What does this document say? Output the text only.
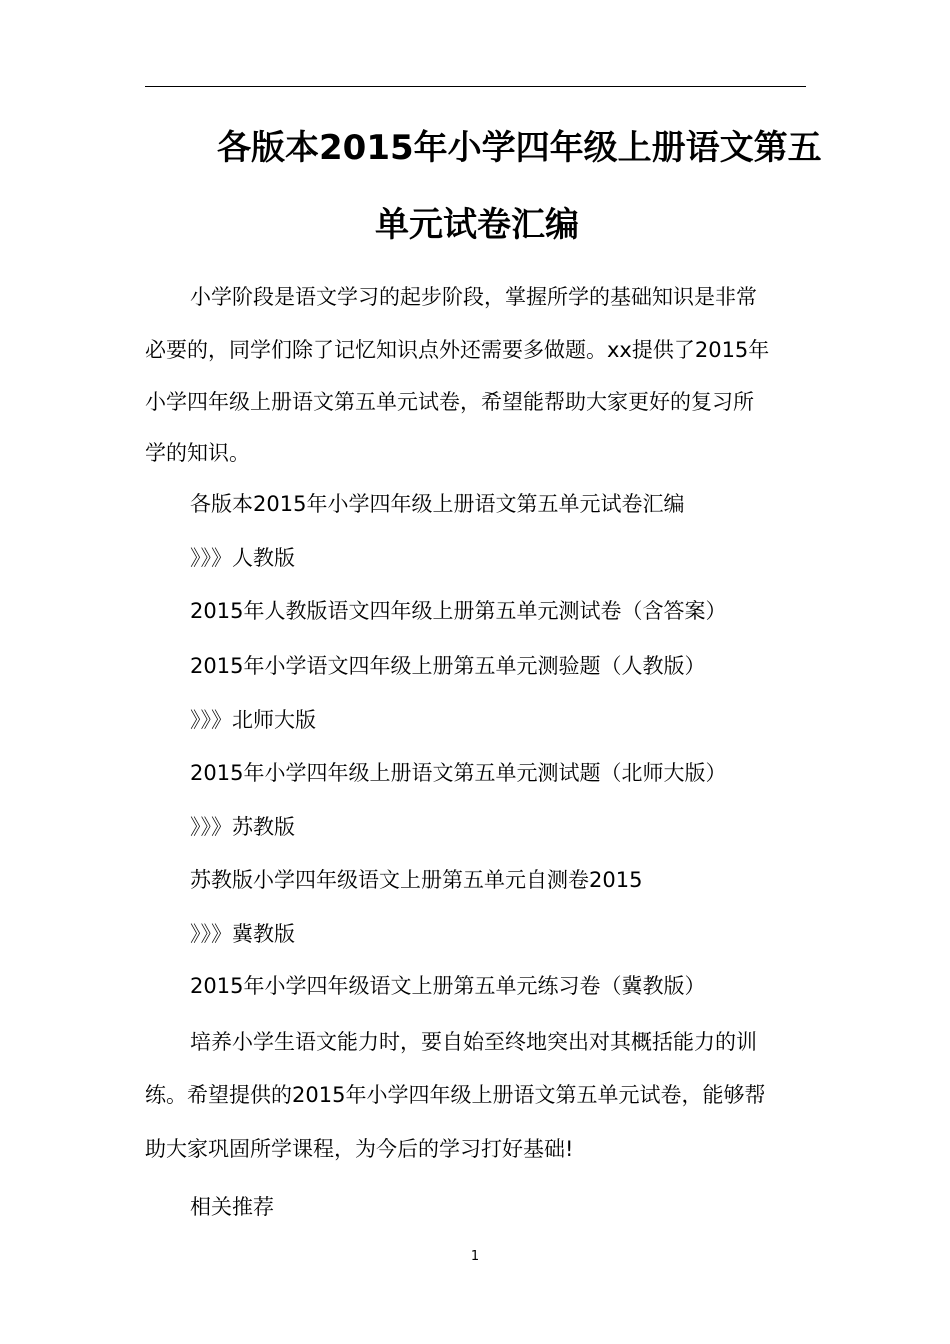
各版本2015年小学四年级上册语文第五
单元试卷汇编
小学阶段是语文学习的起步阶段，掌握所学的基础知识是非常
必要的，同学们除了记忆知识点外还需要多做题。xx提供了2015年
小学四年级上册语文第五单元试卷，希望能帮助大家更好的复习所
学的知识。
各版本2015年小学四年级上册语文第五单元试卷汇编
》》》人教版
2015年人教版语文四年级上册第五单元测试卷（含答案）
2015年小学语文四年级上册第五单元测验题（人教版）
》》》北师大版
2015年小学四年级上册语文第五单元测试题（北师大版）
》》》苏教版
苏教版小学四年级语文上册第五单元自测卷2015
》》》冀教版
2015年小学四年级语文上册第五单元练习卷（冀教版）
培养小学生语文能力时，要自始至终地突出对其概括能力的训
练。希望提供的2015年小学四年级上册语文第五单元试卷，能够帮
助大家巩固所学课程，为今后的学习打好基础!
相关推荐
1
